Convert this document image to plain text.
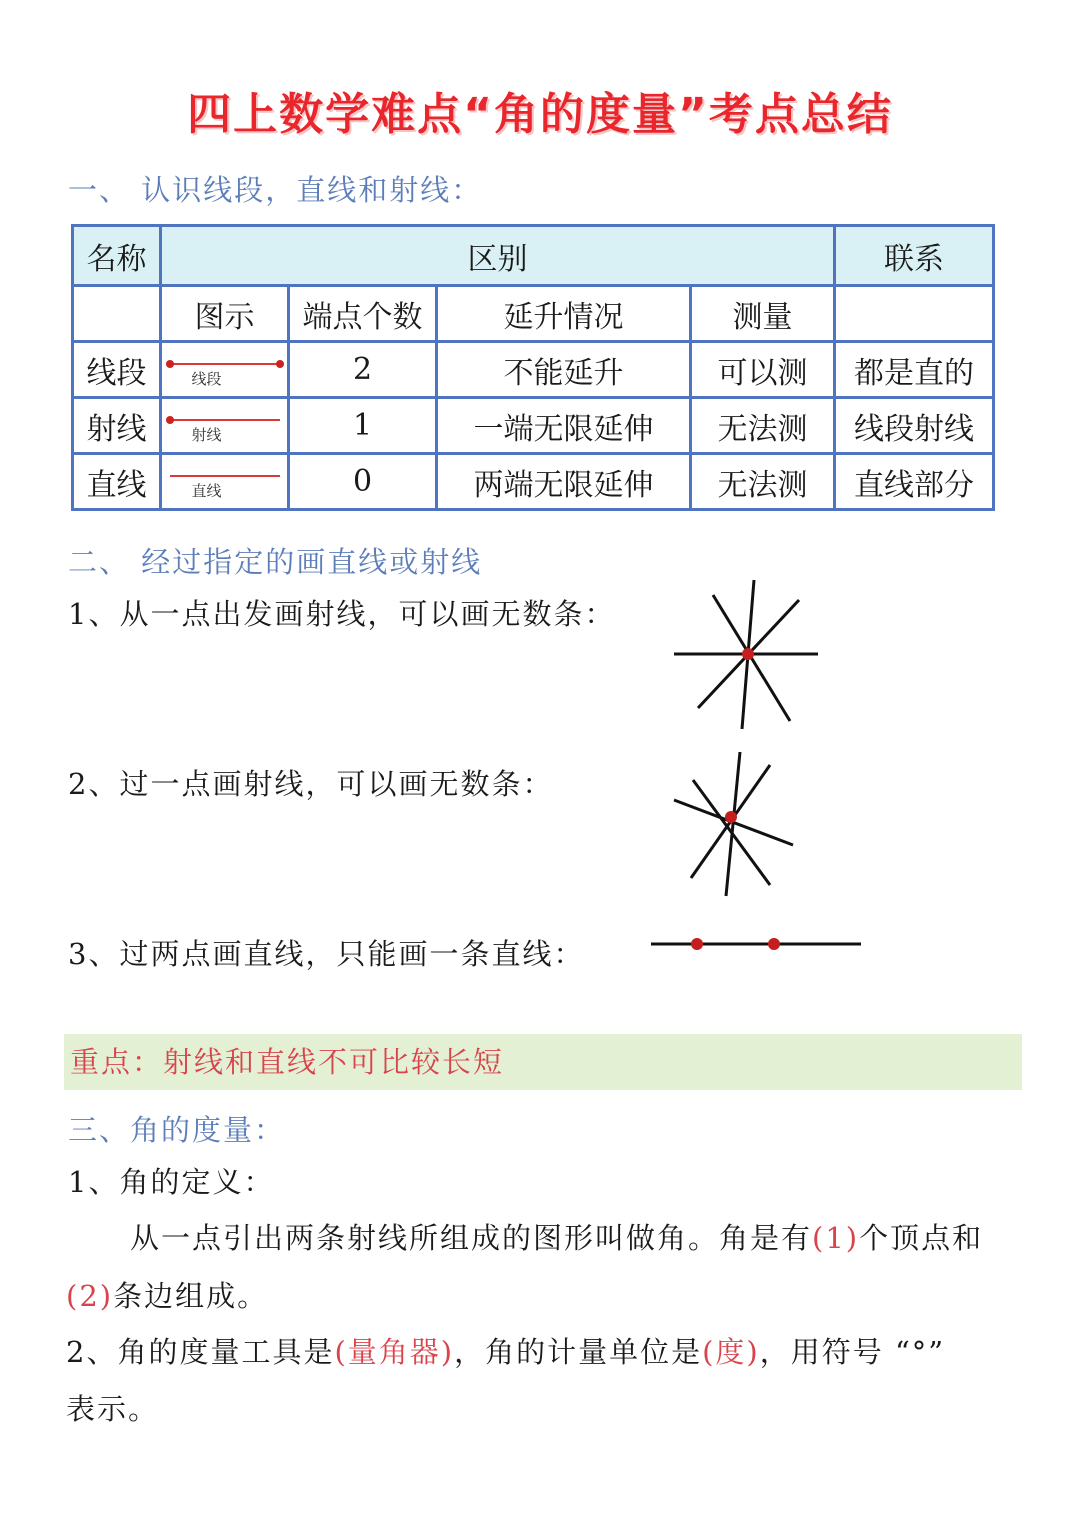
四上数学难点“角的度量”考点总结
一、 认识线段，直线和射线：
名称	区别				联系
	图示	端点个数	延升情况	测量	
线段	线段	2	不能延升	可以测	都是直的
射线	射线	1	一端无限延伸	无法测	线段射线
直线	直线	0	两端无限延伸	无法测	直线部分
二、 经过指定的画直线或射线
1、从一点出发画射线，可以画无数条：
2、过一点画射线，可以画无数条：
3、过两点画直线，只能画一条直线：
重点：射线和直线不可比较长短
三、角的度量：
1、角的定义：
从一点引出两条射线所组成的图形叫做角。角是有(1)个顶点和
(2)条边组成。
2、角的度量工具是(量角器)，角的计量单位是(度)，用符号 “°”
表示。
